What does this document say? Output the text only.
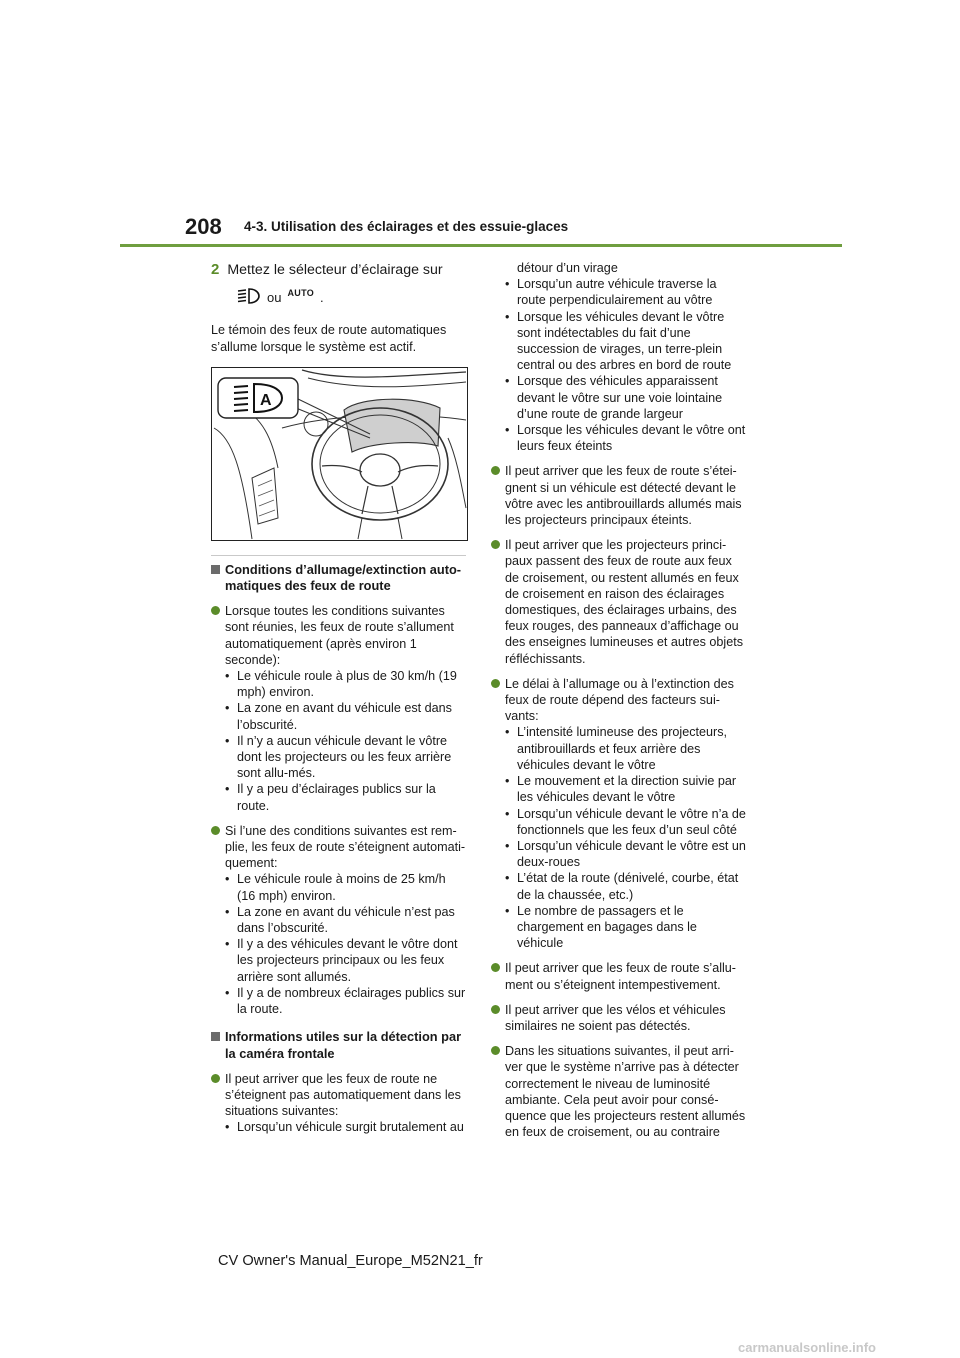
208 4-3. Utilisation des éclairages et des essuie-glaces
2 Mettez le sélecteur d’éclairage sur
ou AUTO .
Le témoin des feux de route automatiques s’allume lorsque le système est actif.
A
Conditions d’allumage/extinction auto-matiques des feux de route
Lorsque toutes les conditions suivantes sont réunies, les feux de route s’allument automatiquement (après environ 1 seconde):
• Le véhicule roule à plus de 30 km/h (19 mph) environ.
• La zone en avant du véhicule est dans l’obscurité.
• Il n’y a aucun véhicule devant le vôtre dont les projecteurs ou les feux arrière sont allu-més.
• Il y a peu d’éclairages publics sur la route.
Si l’une des conditions suivantes est rem-plie, les feux de route s’éteignent automati-quement:
• Le véhicule roule à moins de 25 km/h (16 mph) environ.
• La zone en avant du véhicule n’est pas dans l’obscurité.
• Il y a des véhicules devant le vôtre dont les projecteurs principaux ou les feux arrière sont allumés.
• Il y a de nombreux éclairages publics sur la route.
Informations utiles sur la détection par la caméra frontale
Il peut arriver que les feux de route ne s’éteignent pas automatiquement dans les situations suivantes:
• Lorsqu’un véhicule surgit brutalement au
détour d’un virage
• Lorsqu’un autre véhicule traverse la route perpendiculairement au vôtre
• Lorsque les véhicules devant le vôtre sont indétectables du fait d’une succession de virages, un terre-plein central ou des arbres en bord de route
• Lorsque des véhicules apparaissent devant le vôtre sur une voie lointaine d’une route de grande largeur
• Lorsque les véhicules devant le vôtre ont leurs feux éteints
Il peut arriver que les feux de route s’étei-gnent si un véhicule est détecté devant le vôtre avec les antibrouillards allumés mais les projecteurs principaux éteints.
Il peut arriver que les projecteurs princi-paux passent des feux de route aux feux de croisement, ou restent allumés en feux de croisement en raison des éclairages domestiques, des éclairages urbains, des feux rouges, des panneaux d’affichage ou des enseignes lumineuses et autres objets réfléchissants.
Le délai à l’allumage ou à l’extinction des feux de route dépend des facteurs sui-vants:
• L’intensité lumineuse des projecteurs, antibrouillards et feux arrière des véhicules devant le vôtre
• Le mouvement et la direction suivie par les véhicules devant le vôtre
• Lorsqu’un véhicule devant le vôtre n’a de fonctionnels que les feux d’un seul côté
• Lorsqu’un véhicule devant le vôtre est un deux-roues
• L’état de la route (dénivelé, courbe, état de la chaussée, etc.)
• Le nombre de passagers et le chargement en bagages dans le véhicule
Il peut arriver que les feux de route s’allu-ment ou s’éteignent intempestivement.
Il peut arriver que les vélos et véhicules similaires ne soient pas détectés.
Dans les situations suivantes, il peut arri-ver que le système n’arrive pas à détecter correctement le niveau de luminosité ambiante. Cela peut avoir pour consé-quence que les projecteurs restent allumés en feux de croisement, ou au contraire
CV Owner's Manual_Europe_M52N21_fr
carmanualsonline.info
